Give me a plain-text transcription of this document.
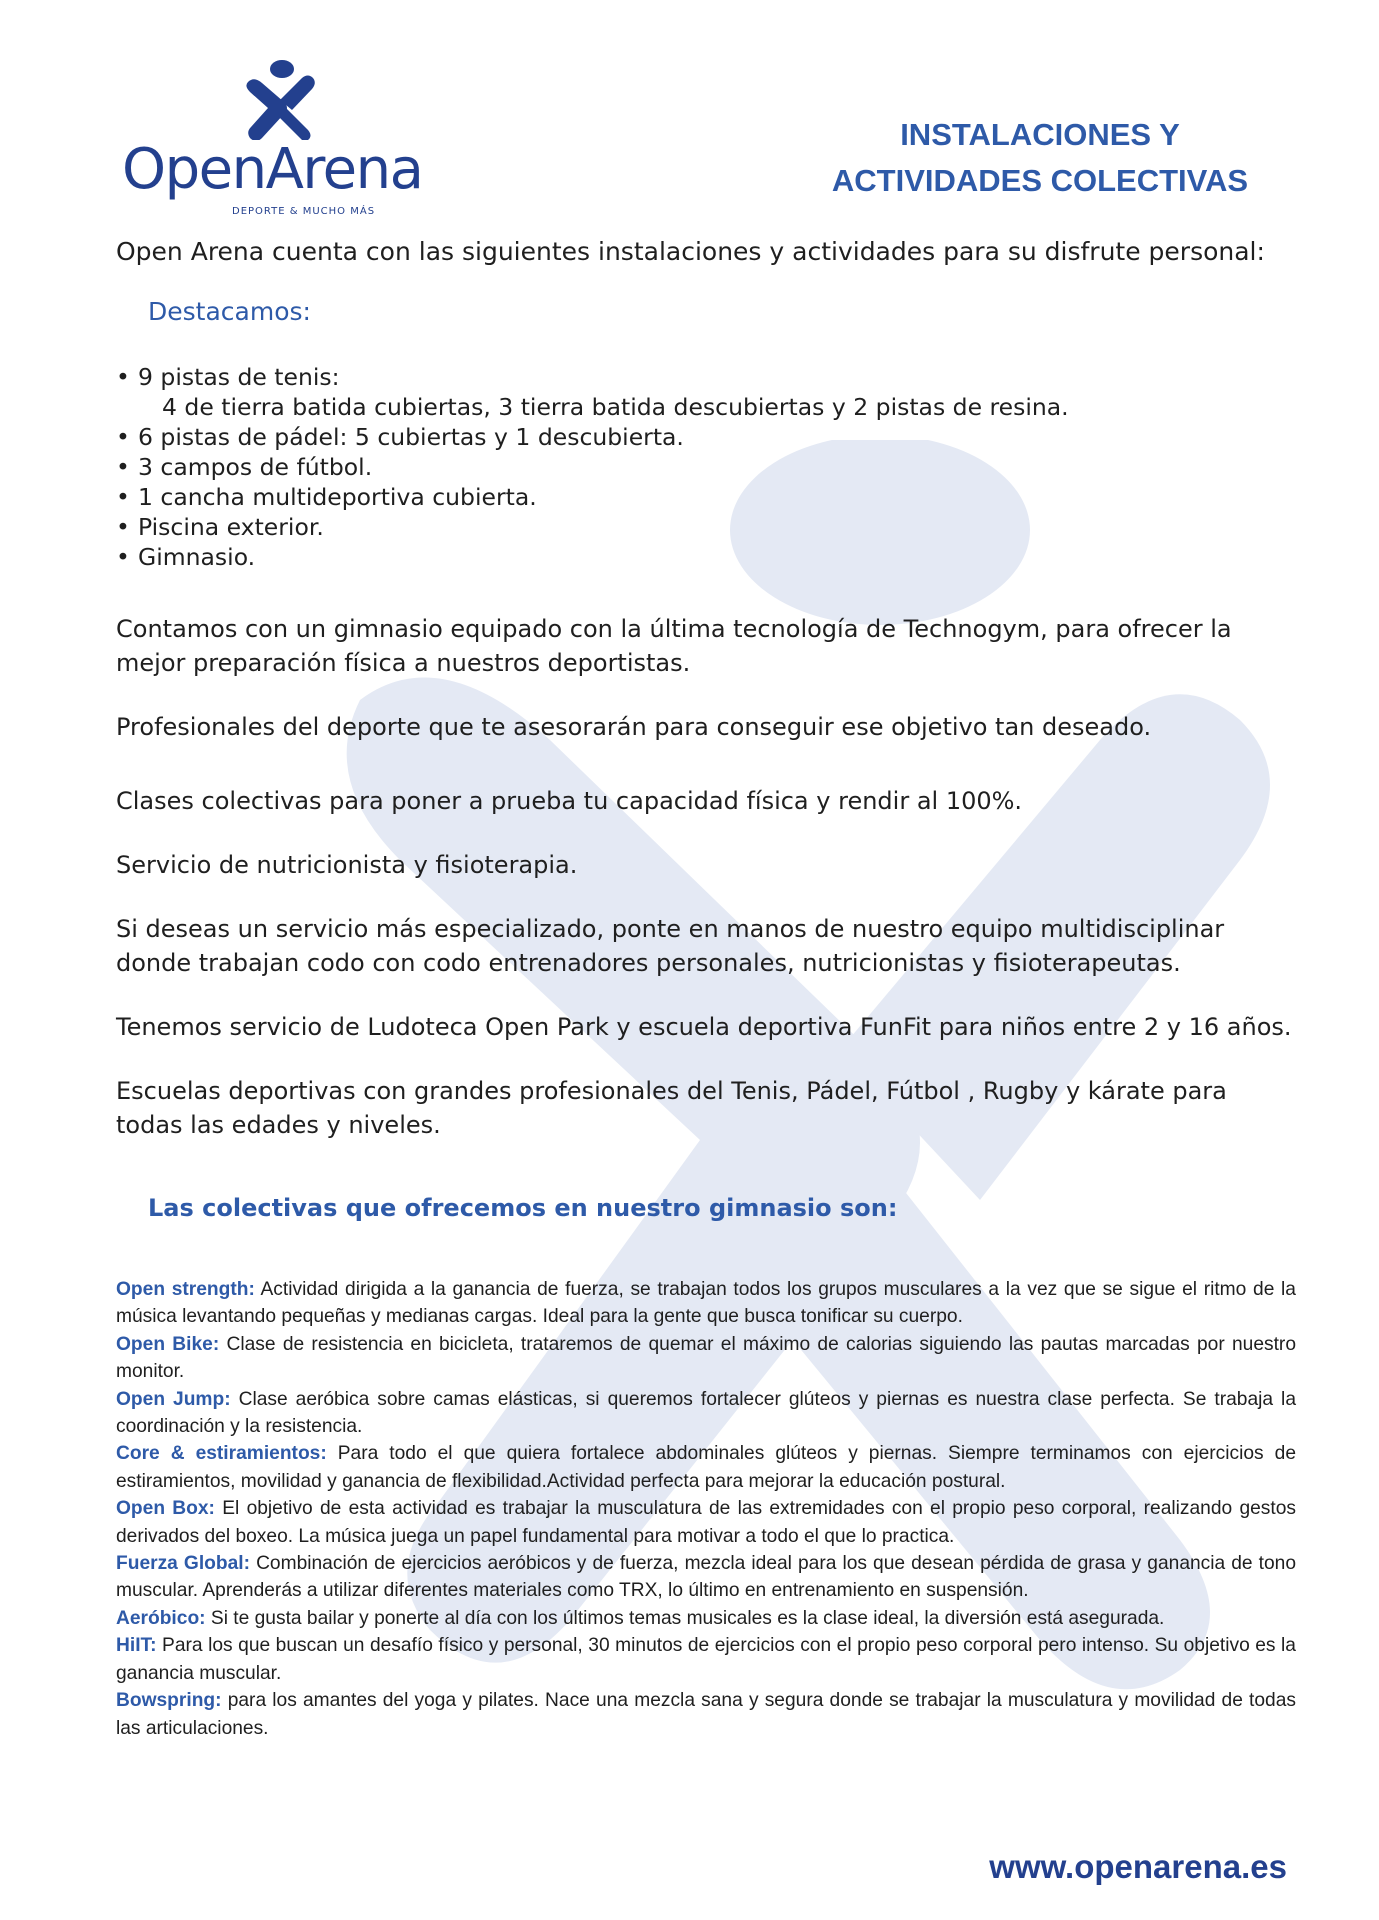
OpenArena
DEPORTE & MUCHO MÁS
INSTALACIONES Y
ACTIVIDADES COLECTIVAS

Open Arena cuenta con las siguientes instalaciones y actividades para su disfrute personal:

Destacamos:
• 9 pistas de tenis:
4 de tierra batida cubiertas, 3 tierra batida descubiertas y 2 pistas de resina.
• 6 pistas de pádel: 5 cubiertas y 1 descubierta.
• 3 campos de fútbol.
• 1 cancha multideportiva cubierta.
• Piscina exterior.
• Gimnasio.

Contamos con un gimnasio equipado con la última tecnología de Technogym, para ofrecer la mejor preparación física a nuestros deportistas.

Profesionales del deporte que te asesorarán para conseguir ese objetivo tan deseado.

Clases colectivas para poner a prueba tu capacidad física y rendir al 100%.

Servicio de nutricionista y fisioterapia.

Si deseas un servicio más especializado, ponte en manos de nuestro equipo multidisciplinar donde trabajan codo con codo entrenadores personales, nutricionistas y fisioterapeutas.

Tenemos servicio de Ludoteca Open Park y escuela deportiva FunFit para niños entre 2 y 16 años.

Escuelas deportivas con grandes profesionales del Tenis, Pádel, Fútbol , Rugby y kárate para todas las edades y niveles.

Las colectivas que ofrecemos en nuestro gimnasio son:

Open strength: Actividad dirigida a la ganancia de fuerza, se trabajan todos los grupos musculares a la vez que se sigue el ritmo de la música levantando pequeñas y medianas cargas. Ideal para la gente que busca tonificar su cuerpo.

Open Bike: Clase de resistencia en bicicleta, trataremos de quemar el máximo de calorias siguiendo las pautas marcadas por nuestro monitor.

Open Jump: Clase aeróbica sobre camas elásticas, si queremos fortalecer glúteos y piernas es nuestra clase perfecta. Se trabaja la coordinación y la resistencia.

Core & estiramientos: Para todo el que quiera fortalece abdominales glúteos y piernas. Siempre terminamos con ejercicios de estiramientos, movilidad y ganancia de flexibilidad.Actividad perfecta para mejorar la educación postural.

Open Box: El objetivo de esta actividad es trabajar la musculatura de las extremidades con el propio peso corporal, realizando gestos derivados del boxeo. La música juega un papel fundamental para motivar a todo el que lo practica.

Fuerza Global: Combinación de ejercicios aeróbicos y de fuerza, mezcla ideal para los que desean pérdida de grasa y ganancia de tono muscular. Aprenderás a utilizar diferentes materiales como TRX, lo último en entrenamiento en suspensión.

Aeróbico: Si te gusta bailar y ponerte al día con los últimos temas musicales es la clase ideal, la diversión está asegurada.

HiIT: Para los que buscan un desafío físico y personal, 30 minutos de ejercicios con el propio peso corporal pero intenso. Su objetivo es la ganancia muscular.

Bowspring: para los amantes del yoga y pilates. Nace una mezcla sana y segura donde se trabajar la musculatura y movilidad de todas las articulaciones.

www.openarena.es
